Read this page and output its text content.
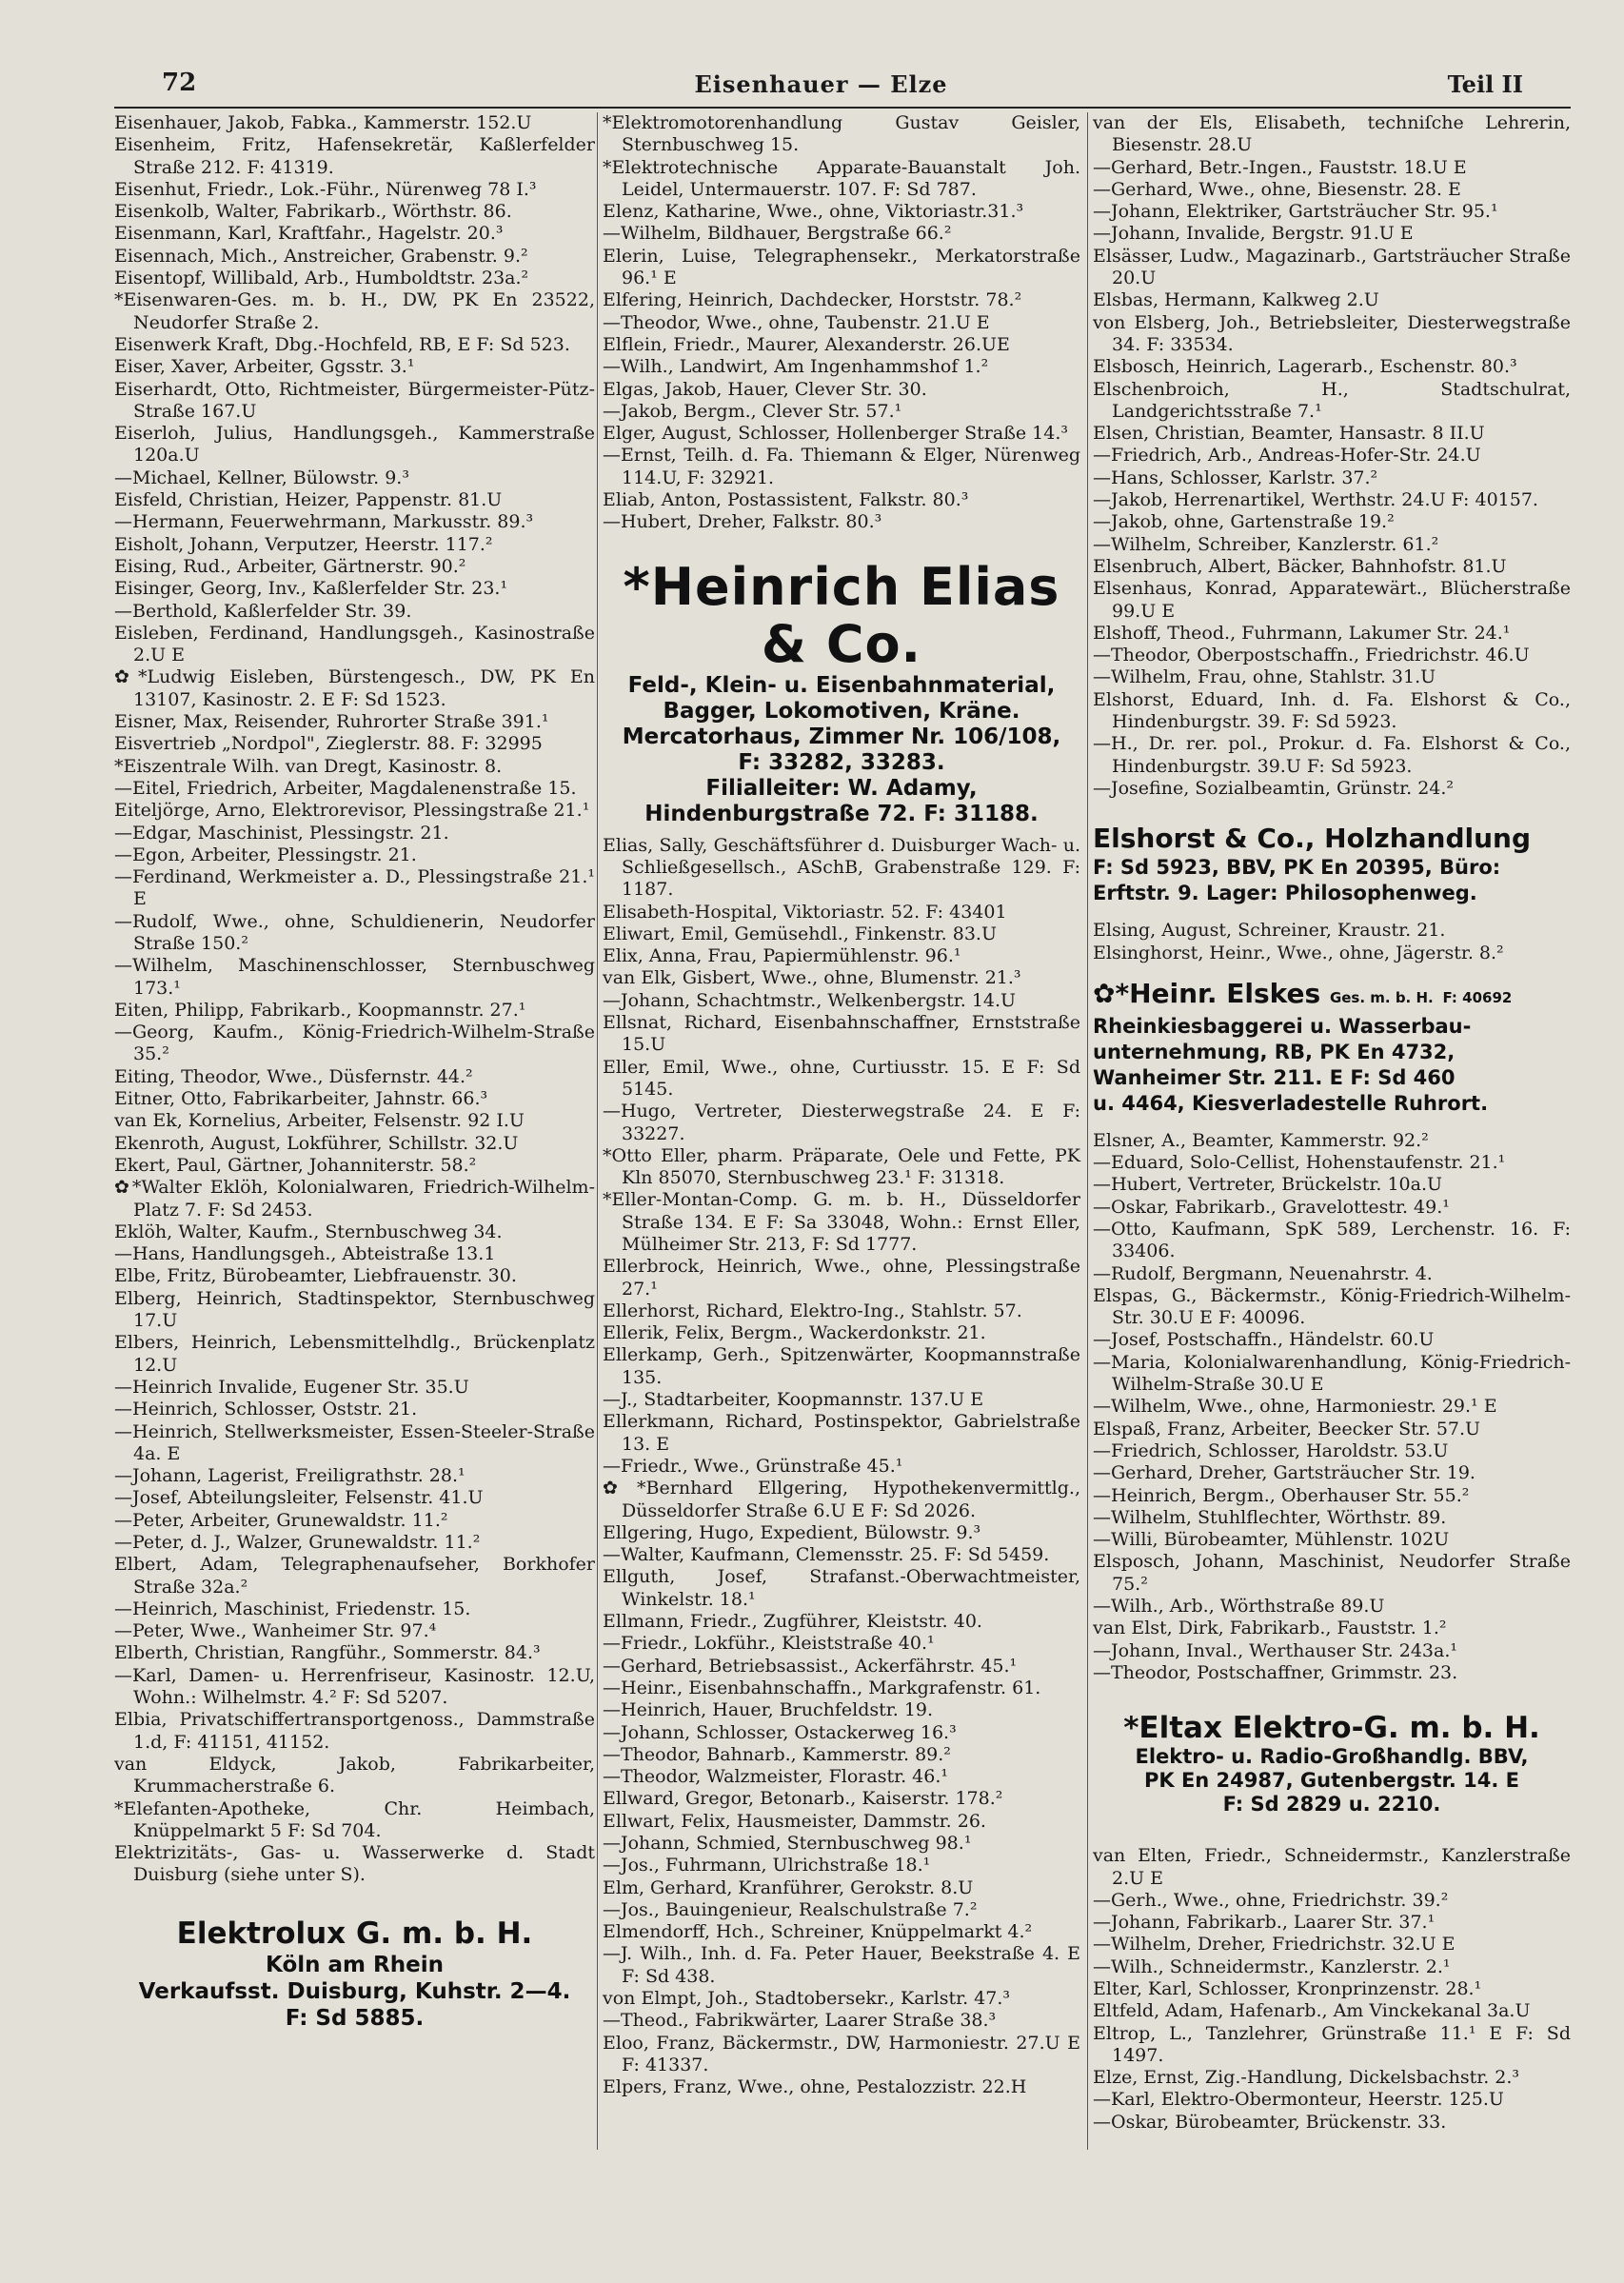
72	Eisenhauer — Elze	Teil II
Eisenhauer, Jakob, Fabka., Kammerstr. 152.U
Eisenheim, Fritz, Hafensekretär, Kaßlerfelder Straße 212. F: 41319.
Eisenhut, Friedr., Lok.-Führ., Nürenweg 78 I.³
Eisenkolb, Walter, Fabrikarb., Wörthstr. 86.
Eisenmann, Karl, Kraftfahr., Hagelstr. 20.³
Eisennach, Mich., Anstreicher, Grabenstr. 9.²
Eisentopf, Willibald, Arb., Humboldtstr. 23a.²
*Eisenwaren-Ges. m. b. H., DW, PK En 23522, Neudorfer Straße 2.
Eisenwerk Kraft, Dbg.-Hochfeld, RB, E F: Sd 523.
Eiser, Xaver, Arbeiter, Ggsstr. 3.¹
Eiserhardt, Otto, Richtmeister, Bürgermeister-Pütz-Straße 167.U
Eiserloh, Julius, Handlungsgeh., Kammerstraße 120a.U
—Michael, Kellner, Bülowstr. 9.³
Eisfeld, Christian, Heizer, Pappenstr. 81.U
—Hermann, Feuerwehrmann, Markusstr. 89.³
Eisholt, Johann, Verputzer, Heerstr. 117.²
Eising, Rud., Arbeiter, Gärtnerstr. 90.²
Eisinger, Georg, Inv., Kaßlerfelder Str. 23.¹
—Berthold, Kaßlerfelder Str. 39.
Eisleben, Ferdinand, Handlungsgeh., Kasinostraße 2.U E
✿*Ludwig Eisleben, Bürstengesch., DW, PK En 13107, Kasinostr. 2. E F: Sd 1523.
Eisner, Max, Reisender, Ruhrorter Straße 391.¹
Eisvertrieb „Nordpol", Zieglerstr. 88. F: 32995
*Eiszentrale Wilh. van Dregt, Kasinostr. 8.
—Eitel, Friedrich, Arbeiter, Magdalenenstraße 15.
Eiteljörge, Arno, Elektrorevisor, Plessingstraße 21.¹
—Edgar, Maschinist, Plessingstr. 21.
—Egon, Arbeiter, Plessingstr. 21.
—Ferdinand, Werkmeister a. D., Plessingstraße 21.¹ E
—Rudolf, Wwe., ohne, Schuldienerin, Neudorfer Straße 150.²
—Wilhelm, Maschinenschlosser, Sternbuschweg 173.¹
Eiten, Philipp, Fabrikarb., Koopmannstr. 27.¹
—Georg, Kaufm., König-Friedrich-Wilhelm-Straße 35.²
Eiting, Theodor, Wwe., Düsfernstr. 44.²
Eitner, Otto, Fabrikarbeiter, Jahnstr. 66.³
van Ek, Kornelius, Arbeiter, Felsenstr. 92 I.U
Ekenroth, August, Lokführer, Schillstr. 32.U
Ekert, Paul, Gärtner, Johanniterstr. 58.²
✿*Walter Eklöh, Kolonialwaren, Friedrich-Wilhelm-Platz 7. F: Sd 2453.
Eklöh, Walter, Kaufm., Sternbuschweg 34.
—Hans, Handlungsgeh., Abteistraße 13.1
Elbe, Fritz, Bürobeamter, Liebfrauenstr. 30.
Elberg, Heinrich, Stadtinspektor, Sternbuschweg 17.U
Elbers, Heinrich, Lebensmittelhdlg., Brückenplatz 12.U
—Heinrich Invalide, Eugener Str. 35.U
—Heinrich, Schlosser, Oststr. 21.
—Heinrich, Stellwerksmeister, Essen-Steeler-Straße 4a. E
—Johann, Lagerist, Freiligrathstr. 28.¹
—Josef, Abteilungsleiter, Felsenstr. 41.U
—Peter, Arbeiter, Grunewaldstr. 11.²
—Peter, d. J., Walzer, Grunewaldstr. 11.²
Elbert, Adam, Telegraphenaufseher, Borkhofer Straße 32a.²
—Heinrich, Maschinist, Friedenstr. 15.
—Peter, Wwe., Wanheimer Str. 97.⁴
Elberth, Christian, Rangführ., Sommerstr. 84.³
—Karl, Damen- u. Herrenfriseur, Kasinostr. 12.U, Wohn.: Wilhelmstr. 4.² F: Sd 5207.
Elbia, Privatschiffertransportgenoss., Dammstraße 1.d, F: 41151, 41152.
van Eldyck, Jakob, Fabrikarbeiter, Krummacherstraße 6.
*Elefanten-Apotheke, Chr. Heimbach, Knüppelmarkt 5 F: Sd 704.
Elektrizitäts-, Gas- u. Wasserwerke d. Stadt Duisburg (siehe unter S).
Elektrolux G. m. b. H.
Köln am Rhein
Verkaufsst. Duisburg, Kuhstr. 2—4.
F: Sd 5885.
*Elektromotorenhandlung Gustav Geisler, Sternbuschweg 15.
*Elektrotechnische Apparate-Bauanstalt Joh. Leidel, Untermauerstr. 107. F: Sd 787.
Elenz, Katharine, Wwe., ohne, Viktoriastr.31.³
—Wilhelm, Bildhauer, Bergstraße 66.²
Elerin, Luise, Telegraphensekr., Merkatorstraße 96.¹ E
Elfering, Heinrich, Dachdecker, Horststr. 78.²
—Theodor, Wwe., ohne, Taubenstr. 21.U E
Elflein, Friedr., Maurer, Alexanderstr. 26.UE
—Wilh., Landwirt, Am Ingenhammshof 1.²
Elgas, Jakob, Hauer, Clever Str. 30.
—Jakob, Bergm., Clever Str. 57.¹
Elger, August, Schlosser, Hollenberger Straße 14.³
—Ernst, Teilh. d. Fa. Thiemann & Elger, Nürenweg 114.U, F: 32921.
Eliab, Anton, Postassistent, Falkstr. 80.³
—Hubert, Dreher, Falkstr. 80.³
*Heinrich Elias & Co.
Feld-, Klein- u. Eisenbahnmaterial,
Bagger, Lokomotiven, Kräne.
Mercatorhaus, Zimmer Nr. 106/108,
F: 33282, 33283.
Filialleiter: W. Adamy, Hindenburgstraße 72. F: 31188.
Elias, Sally, Geschäftsführer d. Duisburger Wach- u. Schließgesellsch., ASchB, Grabenstraße 129. F: 1187.
Elisabeth-Hospital, Viktoriastr. 52. F: 43401
Eliwart, Emil, Gemüsehdl., Finkenstr. 83.U
Elix, Anna, Frau, Papiermühlenstr. 96.¹
van Elk, Gisbert, Wwe., ohne, Blumenstr. 21.³
—Johann, Schachtmstr., Welkenbergstr. 14.U
Ellsnat, Richard, Eisenbahnschaffner, Ernststraße 15.U
Eller, Emil, Wwe., ohne, Curtiusstr. 15. E F: Sd 5145.
—Hugo, Vertreter, Diesterwegstraße 24. E F: 33227.
*Otto Eller, pharm. Präparate, Oele und Fette, PK Kln 85070, Sternbuschweg 23.¹ F: 31318.
*Eller-Montan-Comp. G. m. b. H., Düsseldorfer Straße 134. E F: Sa 33048, Wohn.: Ernst Eller, Mülheimer Str. 213, F: Sd 1777.
Ellerbrock, Heinrich, Wwe., ohne, Plessingstraße 27.¹
Ellerhorst, Richard, Elektro-Ing., Stahlstr. 57.
Ellerik, Felix, Bergm., Wackerdonkstr. 21.
Ellerkamp, Gerh., Spitzenwärter, Koopmannstraße 135.
—J., Stadtarbeiter, Koopmannstr. 137.U E
Ellerkmann, Richard, Postinspektor, Gabrielstraße 13. E
—Friedr., Wwe., Grünstraße 45.¹
✿*Bernhard Ellgering, Hypothekenvermittlg., Düsseldorfer Straße 6.U E F: Sd 2026.
Ellgering, Hugo, Expedient, Bülowstr. 9.³
—Walter, Kaufmann, Clemensstr. 25. F: Sd 5459.
Ellguth, Josef, Strafanst.-Oberwachtmeister, Winkelstr. 18.¹
Ellmann, Friedr., Zugführer, Kleiststr. 40.
—Friedr., Lokführ., Kleiststraße 40.¹
—Gerhard, Betriebsassist., Ackerfährstr. 45.¹
—Heinr., Eisenbahnschaffn., Markgrafenstr. 61.
—Heinrich, Hauer, Bruchfeldstr. 19.
—Johann, Schlosser, Ostackerweg 16.³
—Theodor, Bahnarb., Kammerstr. 89.²
—Theodor, Walzmeister, Florastr. 46.¹
Ellward, Gregor, Betonarb., Kaiserstr. 178.²
Ellwart, Felix, Hausmeister, Dammstr. 26.
—Johann, Schmied, Sternbuschweg 98.¹
—Jos., Fuhrmann, Ulrichstraße 18.¹
Elm, Gerhard, Kranführer, Gerokstr. 8.U
—Jos., Bauingenieur, Realschulstraße 7.²
Elmendorff, Hch., Schreiner, Knüppelmarkt 4.²
—J. Wilh., Inh. d. Fa. Peter Hauer, Beekstraße 4. E F: Sd 438.
von Elmpt, Joh., Stadtobersekr., Karlstr. 47.³
—Theod., Fabrikwärter, Laarer Straße 38.³
Eloo, Franz, Bäckermstr., DW, Harmoniestr. 27.U E F: 41337.
Elpers, Franz, Wwe., ohne, Pestalozzistr. 22.H
van der Els, Elisabeth, techniſche Lehrerin, Biesenstr. 28.U
—Gerhard, Betr.-Ingen., Fauststr. 18.U E
—Gerhard, Wwe., ohne, Biesenstr. 28. E
—Johann, Elektriker, Gartsträucher Str. 95.¹
—Johann, Invalide, Bergstr. 91.U E
Elsässer, Ludw., Magazinarb., Gartsträucher Straße 20.U
Elsbas, Hermann, Kalkweg 2.U
von Elsberg, Joh., Betriebsleiter, Diesterwegstraße 34. F: 33534.
Elsbosch, Heinrich, Lagerarb., Eschenstr. 80.³
Elschenbroich, H., Stadtschulrat, Landgerichtsstraße 7.¹
Elsen, Christian, Beamter, Hansastr. 8 II.U
—Friedrich, Arb., Andreas-Hofer-Str. 24.U
—Hans, Schlosser, Karlstr. 37.²
—Jakob, Herrenartikel, Werthstr. 24.U F: 40157.
—Jakob, ohne, Gartenstraße 19.²
—Wilhelm, Schreiber, Kanzlerstr. 61.²
Elsenbruch, Albert, Bäcker, Bahnhofstr. 81.U
Elsenhaus, Konrad, Apparatewärt., Blücherstraße 99.U E
Elshoff, Theod., Fuhrmann, Lakumer Str. 24.¹
—Theodor, Oberpostschaffn., Friedrichstr. 46.U
—Wilhelm, Frau, ohne, Stahlstr. 31.U
Elshorst, Eduard, Inh. d. Fa. Elshorst & Co., Hindenburgstr. 39. F: Sd 5923.
—H., Dr. rer. pol., Prokur. d. Fa. Elshorst & Co., Hindenburgstr. 39.U F: Sd 5923.
—Josefine, Sozialbeamtin, Grünstr. 24.²
Elshorst & Co., Holzhandlung
F: Sd 5923, BBV, PK En 20395, Büro:
Erftstr. 9. Lager: Philosophenweg.
Elsing, August, Schreiner, Kraustr. 21.
Elsinghorst, Heinr., Wwe., ohne, Jägerstr. 8.²
✿*Heinr. Elskes Ges. m. b. H. F: 40692
Rheinkiesbaggerei u. Wasserbau-
unternehmung, RB, PK En 4732,
Wanheimer Str. 211. E F: Sd 460
u. 4464, Kiesverladestelle Ruhrort.
Elsner, A., Beamter, Kammerstr. 92.²
—Eduard, Solo-Cellist, Hohenstaufenstr. 21.¹
—Hubert, Vertreter, Brückelstr. 10a.U
—Oskar, Fabrikarb., Gravelottestr. 49.¹
—Otto, Kaufmann, SpK 589, Lerchenstr. 16. F: 33406.
—Rudolf, Bergmann, Neuenahrstr. 4.
Elspas, G., Bäckermstr., König-Friedrich-Wilhelm-Str. 30.U E F: 40096.
—Josef, Postschaffn., Händelstr. 60.U
—Maria, Kolonialwarenhandlung, König-Friedrich-Wilhelm-Straße 30.U E
—Wilhelm, Wwe., ohne, Harmoniestr. 29.¹ E
Elspaß, Franz, Arbeiter, Beecker Str. 57.U
—Friedrich, Schlosser, Haroldstr. 53.U
—Gerhard, Dreher, Gartsträucher Str. 19.
—Heinrich, Bergm., Oberhauser Str. 55.²
—Wilhelm, Stuhlflechter, Wörthstr. 89.
—Willi, Bürobeamter, Mühlenstr. 102U
Elsposch, Johann, Maschinist, Neudorfer Straße 75.²
—Wilh., Arb., Wörthstraße 89.U
van Elst, Dirk, Fabrikarb., Fauststr. 1.²
—Johann, Inval., Werthauser Str. 243a.¹
—Theodor, Postschaffner, Grimmstr. 23.
*Eltax Elektro-G. m. b. H.
Elektro- u. Radio-Großhandlg. BBV,
PK En 24987, Gutenbergstr. 14. E
F: Sd 2829 u. 2210.
van Elten, Friedr., Schneidermstr., Kanzlerstraße 2.U E
—Gerh., Wwe., ohne, Friedrichstr. 39.²
—Johann, Fabrikarb., Laarer Str. 37.¹
—Wilhelm, Dreher, Friedrichstr. 32.U E
—Wilh., Schneidermstr., Kanzlerstr. 2.¹
Elter, Karl, Schlosser, Kronprinzenstr. 28.¹
Eltfeld, Adam, Hafenarb., Am Vinckekanal 3a.U
Eltrop, L., Tanzlehrer, Grünstraße 11.¹ E F: Sd 1497.
Elze, Ernst, Zig.-Handlung, Dickelsbachstr. 2.³
—Karl, Elektro-Obermonteur, Heerstr. 125.U
—Oskar, Bürobeamter, Brückenstr. 33.
